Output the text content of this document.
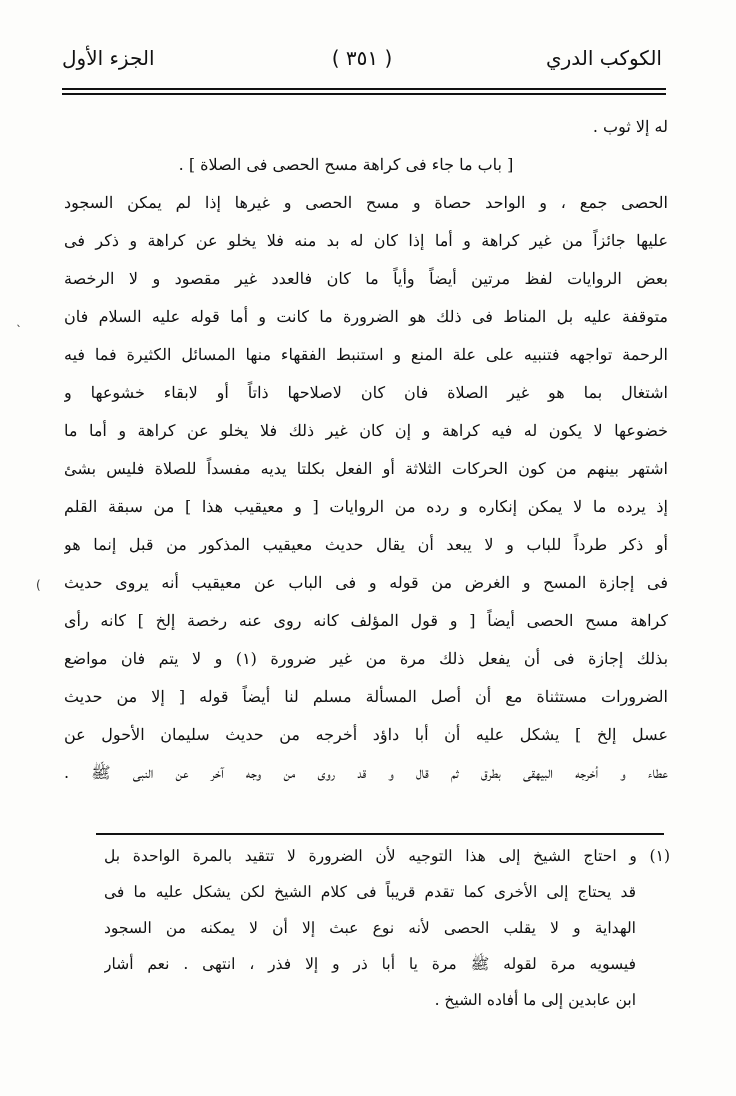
الكوكب الدري
( ٣٥١ )
الجزء الأول
له إلا ثوب .
[ باب ما جاء فى كراهة مسح الحصى فى الصلاة ] .
الحصى جمع ، و الواحد حصاة و مسح الحصى و غيرها إذا لم يمكن السجود
عليها جائزاً من غير كراهة و أما إذا كان له بد منه فلا يخلو عن كراهة و ذكر فى
بعض الروايات لفظ مرتين أيضاً وأياً ما كان فالعدد غير مقصود و لا الرخصة
متوقفة عليه بل المناط فى ذلك هو الضرورة ما كانت و أما قوله عليه السلام فان
الرحمة تواجهه فتنبيه على علة المنع و استنبط الفقهاء منها المسائل الكثيرة فما فيه
اشتغال بما هو غير الصلاة فان كان لاصلاحها ذاتاً أو لابقاء خشوعها و
خضوعها لا يكون له فيه كراهة و إن كان غير ذلك فلا يخلو عن كراهة و أما ما
اشتهر بينهم من كون الحركات الثلاثة أو الفعل بكلتا يديه مفسداً للصلاة فليس بشئ
إذ يرده ما لا يمكن إنكاره و رده من الروايات [ و معيقيب هذا ] من سبقة القلم
أو ذكر طرداً للباب و لا يبعد أن يقال حديث معيقيب المذكور من قبل إنما هو
فى إجازة المسح و الغرض من قوله و فى الباب عن معيقيب أنه يروى حديث
كراهة مسح الحصى أيضاً [ و قول المؤلف كانه روى عنه رخصة إلخ ] كانه رأى
بذلك إجازة فى أن يفعل ذلك مرة من غير ضرورة (١) و لا يتم فان مواضع
الضرورات مستثناة مع أن أصل المسألة مسلم لنا أيضاً قوله [ إلا من حديث
عسل إلخ ] يشكل عليه أن أبا داؤد أخرجه من حديث سليمان الأحول عن
عطاء و أخرجه البيهقى بطرق ثم قال و قد روى من وجه آخر عن النبى ﷺ .
(١) و احتاج الشيخ إلى هذا التوجيه لأن الضرورة لا تتقيد بالمرة الواحدة بل
قد يحتاج إلى الأخرى كما تقدم قريباً فى كلام الشيخ لكن يشكل عليه ما فى
الهداية و لا يقلب الحصى لأنه نوع عبث إلا أن لا يمكنه من السجود
فيسويه مرة لقوله ﷺ مرة يا أبا ذر و إلا فذر ، انتهى . نعم أشار
ابن عابدين إلى ما أفاده الشيخ .
ˎ
(
